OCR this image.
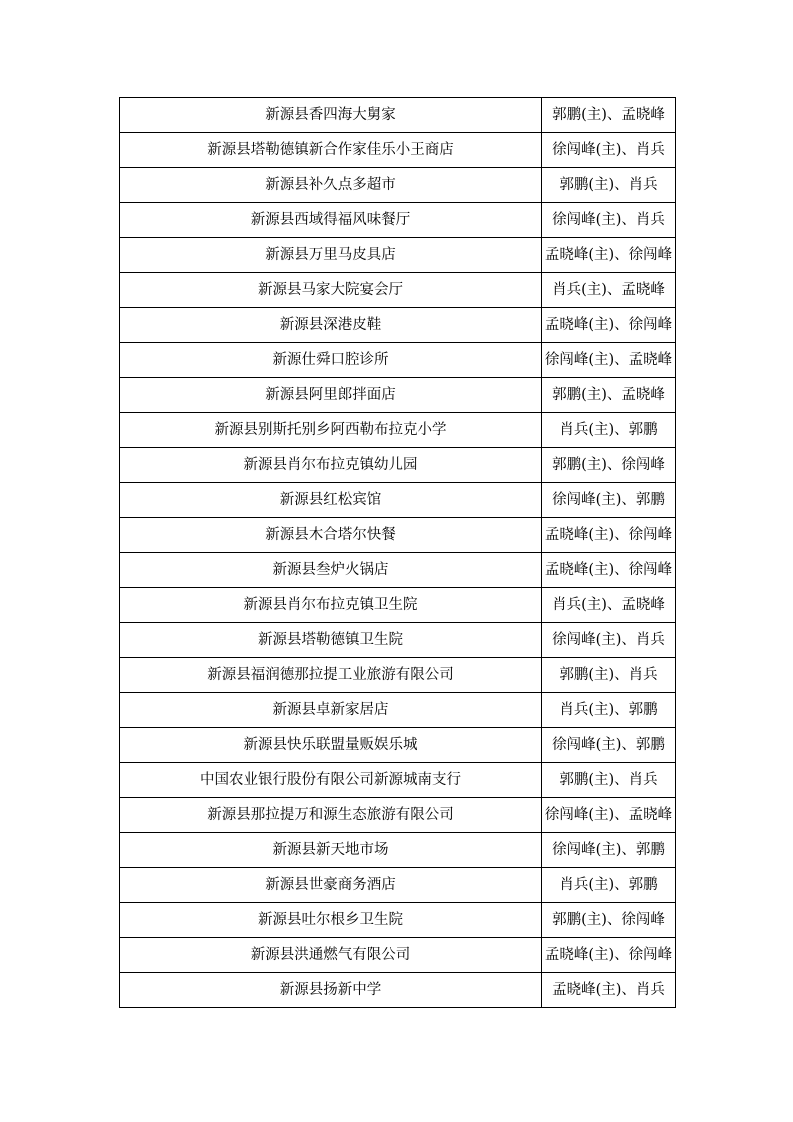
新源县香四海大舅家	郭鹏(主)、孟晓峰
新源县塔勒德镇新合作家佳乐小王商店	徐闯峰(主)、肖兵
新源县补久点多超市	郭鹏(主)、肖兵
新源县西域得福风味餐厅	徐闯峰(主)、肖兵
新源县万里马皮具店	孟晓峰(主)、徐闯峰
新源县马家大院宴会厅	肖兵(主)、孟晓峰
新源县深港皮鞋	孟晓峰(主)、徐闯峰
新源仕舜口腔诊所	徐闯峰(主)、孟晓峰
新源县阿里郎拌面店	郭鹏(主)、孟晓峰
新源县别斯托别乡阿西勒布拉克小学	肖兵(主)、郭鹏
新源县肖尔布拉克镇幼儿园	郭鹏(主)、徐闯峰
新源县红松宾馆	徐闯峰(主)、郭鹏
新源县木合塔尔快餐	孟晓峰(主)、徐闯峰
新源县叁炉火锅店	孟晓峰(主)、徐闯峰
新源县肖尔布拉克镇卫生院	肖兵(主)、孟晓峰
新源县塔勒德镇卫生院	徐闯峰(主)、肖兵
新源县福润德那拉提工业旅游有限公司	郭鹏(主)、肖兵
新源县卓新家居店	肖兵(主)、郭鹏
新源县快乐联盟量贩娱乐城	徐闯峰(主)、郭鹏
中国农业银行股份有限公司新源城南支行	郭鹏(主)、肖兵
新源县那拉提万和源生态旅游有限公司	徐闯峰(主)、孟晓峰
新源县新天地市场	徐闯峰(主)、郭鹏
新源县世豪商务酒店	肖兵(主)、郭鹏
新源县吐尔根乡卫生院	郭鹏(主)、徐闯峰
新源县洪通燃气有限公司	孟晓峰(主)、徐闯峰
新源县扬新中学	孟晓峰(主)、肖兵
